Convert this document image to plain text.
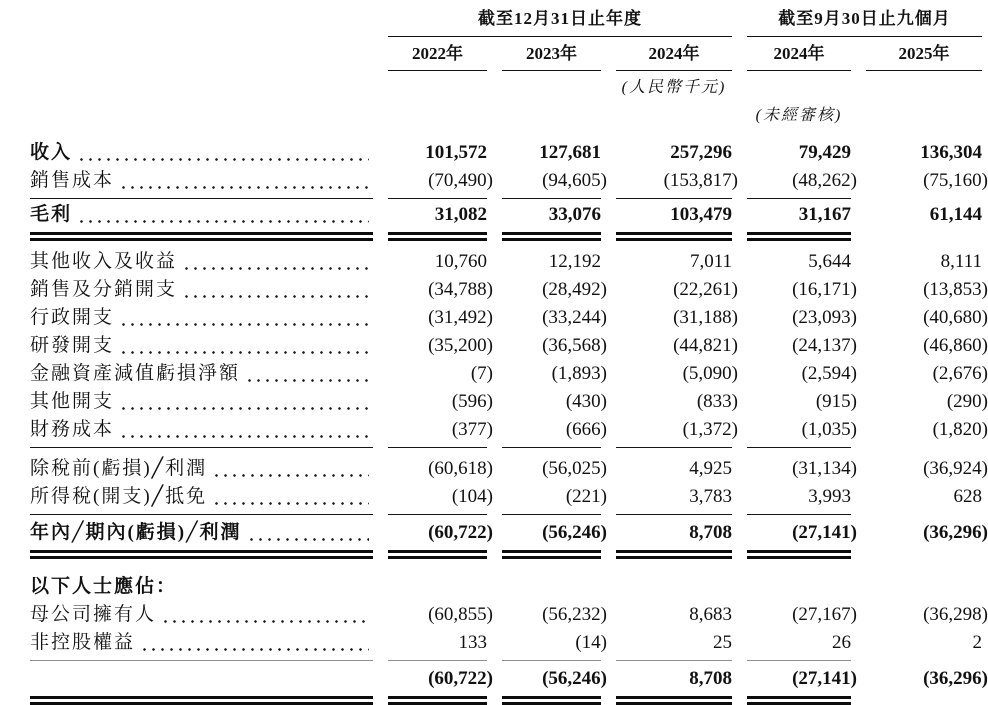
截至12月31日止年度	截至9月30日止九個月
2022年	2023年	2024年	2024年	2025年
(人民幣千元)
(未經審核)
收入	101,572	127,681	257,296	79,429	136,304
銷售成本	(70,490)	(94,605)	(153,817)	(48,262)	(75,160)
毛利	31,082	33,076	103,479	31,167	61,144
其他收入及收益	10,760	12,192	7,011	5,644	8,111
銷售及分銷開支	(34,788)	(28,492)	(22,261)	(16,171)	(13,853)
行政開支	(31,492)	(33,244)	(31,188)	(23,093)	(40,680)
研發開支	(35,200)	(36,568)	(44,821)	(24,137)	(46,860)
金融資產減值虧損淨額	(7)	(1,893)	(5,090)	(2,594)	(2,676)
其他開支	(596)	(430)	(833)	(915)	(290)
財務成本	(377)	(666)	(1,372)	(1,035)	(1,820)
除稅前(虧損)╱利潤	(60,618)	(56,025)	4,925	(31,134)	(36,924)
所得稅(開支)╱抵免	(104)	(221)	3,783	3,993	628
年內╱期內(虧損)╱利潤	(60,722)	(56,246)	8,708	(27,141)	(36,296)
以下人士應佔：
母公司擁有人	(60,855)	(56,232)	8,683	(27,167)	(36,298)
非控股權益	133	(14)	25	26	2
(60,722)	(56,246)	8,708	(27,141)	(36,296)
